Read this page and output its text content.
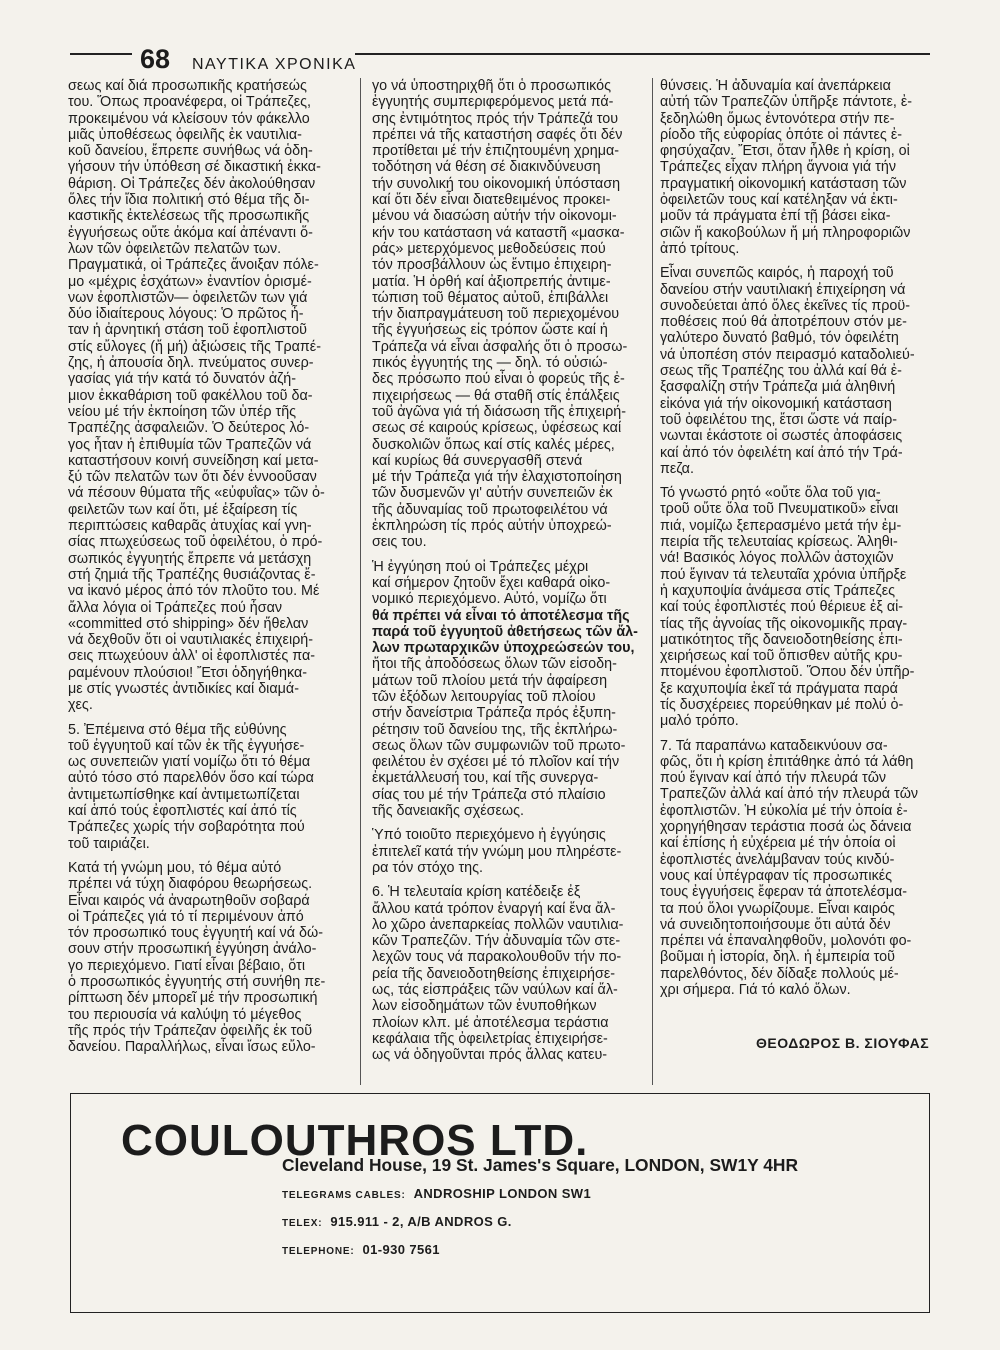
68 ΝΑΥΤΙΚΑ ΧΡΟΝΙΚΑ

σεως καί διά προσωπικῆς κρατήσεώς

του. Ὅπως προανέφερα, οἱ Τράπεζες,

προκειμένου νά κλείσουν τόν φάκελλο

μιᾶς ὑποθέσεως ὀφειλῆς ἐκ ναυτιλια-

κοῦ δανείου, ἔπρεπε συνήθως νά ὁδη-

γήσουν τήν ὑπόθεση σέ δικαστική ἐκκα-

θάριση. Οἱ Τράπεζες δέν ἀκολούθησαν

ὅλες τήν ἴδια πολιτική στό θέμα τῆς δι-

καστικῆς ἐκτελέσεως τῆς προσωπικῆς

ἐγγυήσεως οὔτε ἀκόμα καί ἀπέναντι ὅ-

λων τῶν ὀφειλετῶν πελατῶν των.

Πραγματικά, οἱ Τράπεζες ἄνοιξαν πόλε-

μο «μέχρις ἐσχάτων» ἐναντίον ὁρισμέ-

νων ἐφοπλιστῶν— ὀφειλετῶν των γιά

δύο ἰδιαίτερους λόγους: Ὁ πρῶτος ἦ-

ταν ἡ ἀρνητική στάση τοῦ ἐφοπλιστοῦ

στίς εὔλογες (ἤ μή) ἀξιώσεις τῆς Τραπέ-

ζης, ἡ ἀπουσία δηλ. πνεύματος συνερ-

γασίας γιά τήν κατά τό δυνατόν ἀζή-

μιον ἐκκαθάριση τοῦ φακέλλου τοῦ δα-

νείου μέ τήν ἐκποίηση τῶν ὑπέρ τῆς

Τραπέζης ἀσφαλειῶν. Ὁ δεύτερος λό-

γος ἦταν ἡ ἐπιθυμία τῶν Τραπεζῶν νά

καταστήσουν κοινή συνείδηση καί μετα-

ξύ τῶν πελατῶν των ὅτι δέν ἐννοοῦσαν

νά πέσουν θύματα τῆς «εὐφυΐας» τῶν ὀ-

φειλετῶν των καί ὅτι, μέ ἐξαίρεση τίς

περιπτώσεις καθαρᾶς ἀτυχίας καί γνη-

σίας πτωχεύσεως τοῦ ὀφειλέτου, ὁ πρό-

σωπικός ἐγγυητής ἔπρεπε νά μετάσχη

στή ζημιά τῆς Τραπέζης θυσιάζοντας ἔ-

να ἱκανό μέρος ἀπό τόν πλοῦτο του. Μέ

ἄλλα λόγια οἱ Τράπεζες πού ἦσαν

«committed στό shipping» δέν ἤθελαν

νά δεχθοῦν ὅτι οἱ ναυτιλιακές ἐπιχειρή-

σεις πτωχεύουν ἀλλ' οἱ ἐφοπλιστές πα-

ραμένουν πλούσιοι! Ἔτσι ὁδηγήθηκα-

με στίς γνωστές ἀντιδικίες καί διαμά-

χες.

5. Ἐπέμεινα στό θέμα τῆς εὐθύνης

τοῦ ἐγγυητοῦ καί τῶν ἐκ τῆς ἐγγυήσε-

ως συνεπειῶν γιατί νομίζω ὅτι τό θέμα

αὐτό τόσο στό παρελθόν ὅσο καί τώρα

ἀντιμετωπίσθηκε καί ἀντιμετωπίζεται

καί ἀπό τούς ἐφοπλιστές καί ἀπό τίς

Τράπεζες χωρίς τήν σοβαρότητα πού

τοῦ ταιριάζει.

Κατά τή γνώμη μου, τό θέμα αὐτό

πρέπει νά τύχη διαφόρου θεωρήσεως.

Εἶναι καιρός νά ἀναρωτηθοῦν σοβαρά

οἱ Τράπεζες γιά τό τί περιμένουν ἀπό

τόν προσωπικό τους ἐγγυητή καί νά δώ-

σουν στήν προσωπική ἐγγύηση ἀνάλο-

γο περιεχόμενο. Γιατί εἶναι βέβαιο, ὅτι

ὁ προσωπικός ἐγγυητής στή συνήθη πε-

ρίπτωση δέν μπορεῖ μέ τήν προσωπική

του περιουσία νά καλύψη τό μέγεθος

τῆς πρός τήν Τράπεζαν ὀφειλῆς ἐκ τοῦ

δανείου. Παραλλήλως, εἶναι ἴσως εὔλο-

γο νά ὑποστηριχθῆ ὅτι ὁ προσωπικός

ἐγγυητής συμπεριφερόμενος μετά πά-

σης ἐντιμότητος πρός τήν Τράπεζά του

πρέπει νά τῆς καταστήση σαφές ὅτι δέν

προτίθεται μέ τήν ἐπιζητουμένη χρημα-

τοδότηση νά θέση σέ διακινδύνευση

τήν συνολική του οἰκονομική ὑπόσταση

καί ὅτι δέν εἶναι διατεθειμένος προκει-

μένου νά διασώση αὐτήν τήν οἰκονομι-

κήν του κατάσταση νά καταστῆ «μασκα-

ράς» μετερχόμενος μεθοδεύσεις πού

τόν προσβάλλουν ὡς ἔντιμο ἐπιχειρη-

ματία. Ἡ ὀρθή καί ἀξιοπρεπής ἀντιμε-

τώπιση τοῦ θέματος αὐτοῦ, ἐπιβάλλει

τήν διαπραγμάτευση τοῦ περιεχομένου

τῆς ἐγγυήσεως εἰς τρόπον ὥστε καί ἡ

Τράπεζα νά εἶναι ἀσφαλής ὅτι ὁ προσω-

πικός ἐγγυητής της — δηλ. τό οὐσιώ-

δες πρόσωπο πού εἶναι ὁ φορεύς τῆς ἐ-

πιχειρήσεως — θά σταθῆ στίς ἐπάλξεις

τοῦ ἀγῶνα γιά τή διάσωση τῆς ἐπιχειρή-

σεως σέ καιρούς κρίσεως, ὑφέσεως καί

δυσκολιῶν ὅπως καί στίς καλές μέρες,

καί κυρίως θά συνεργασθῆ στενά

μέ τήν Τράπεζα γιά τήν ἐλαχιστοποίηση

τῶν δυσμενῶν γι' αὐτήν συνεπειῶν ἐκ

τῆς ἀδυναμίας τοῦ πρωτοφειλέτου νά

ἐκπληρώση τίς πρός αὐτήν ὑποχρεώ-

σεις του.

Ἡ ἐγγύηση πού οἱ Τράπεζες μέχρι

καί σήμερον ζητοῦν ἔχει καθαρά οἰκο-

νομικό περιεχόμενο. Αὐτό, νομίζω ὅτι

θά πρέπει νά εἶναι τό ἀποτέλεσμα τῆς

παρά τοῦ ἐγγυητοῦ ἀθετήσεως τῶν ἄλ-

λων πρωταρχικῶν ὑποχρεώσεών του,

ἤτοι τῆς ἀποδόσεως ὅλων τῶν εἰσοδη-

μάτων τοῦ πλοίου μετά τήν ἀφαίρεση

τῶν ἐξόδων λειτουργίας τοῦ πλοίου

στήν δανείστρια Τράπεζα πρός ἐξυπη-

ρέτησιν τοῦ δανείου της, τῆς ἐκπλήρω-

σεως ὅλων τῶν συμφωνιῶν τοῦ πρωτο-

φειλέτου ἐν σχέσει μέ τό πλοῖον καί τήν

ἐκμετάλλευσή του, καί τῆς συνεργα-

σίας του μέ τήν Τράπεζα στό πλαίσιο

τῆς δανειακῆς σχέσεως.

Ὑπό τοιοῦτο περιεχόμενο ἡ ἐγγύησις

ἐπιτελεῖ κατά τήν γνώμη μου πληρέστε-

ρα τόν στόχο της.

6. Ἡ τελευταία κρίση κατέδειξε ἐξ

ἄλλου κατά τρόπον ἐναργή καί ἕνα ἄλ-

λο χῶρο ἀνεπαρκείας πολλῶν ναυτιλια-

κῶν Τραπεζῶν. Τήν ἀδυναμία τῶν στε-

λεχῶν τους νά παρακολουθοῦν τήν πο-

ρεία τῆς δανειοδοτηθείσης ἐπιχειρήσε-

ως, τάς εἰσπράξεις τῶν ναύλων καί ἄλ-

λων εἰσοδημάτων τῶν ἐνυποθήκων

πλοίων κλπ. μέ ἀποτέλεσμα τεράστια

κεφάλαια τῆς ὀφειλετρίας ἐπιχειρήσε-

ως νά ὁδηγοῦνται πρός ἄλλας κατευ-

θύνσεις. Ἡ ἀδυναμία καί ἀνεπάρκεια

αὐτή τῶν Τραπεζῶν ὑπῆρξε πάντοτε, ἐ-

ξεδηλώθη ὅμως ἐντονότερα στήν πε-

ρίοδο τῆς εὐφορίας ὁπότε οἱ πάντες ἐ-

φησύχαζαν. Ἔτσι, ὅταν ἦλθε ἡ κρίση, οἱ

Τράπεζες εἶχαν πλήρη ἄγνοια γιά τήν

πραγματική οἰκονομική κατάσταση τῶν

ὀφειλετῶν τους καί κατέληξαν νά ἐκτι-

μοῦν τά πράγματα ἐπί τῇ βάσει εἰκα-

σιῶν ἤ κακοβούλων ἤ μή πληροφοριῶν

ἀπό τρίτους.

Εἶναι συνεπῶς καιρός, ἡ παροχή τοῦ

δανείου στήν ναυτιλιακή ἐπιχείρηση νά

συνοδεύεται ἀπό ὅλες ἐκεῖνες τίς προϋ-

ποθέσεις πού θά ἀποτρέπουν στόν με-

γαλύτερο δυνατό βαθμό, τόν ὀφειλέτη

νά ὑποπέση στόν πειρασμό καταδολιεύ-

σεως τῆς Τραπέζης του ἀλλά καί θά ἐ-

ξασφαλίζη στήν Τράπεζα μιά ἀληθινή

εἰκόνα γιά τήν οἰκονομική κατάσταση

τοῦ ὀφειλέτου της, ἔτσι ὥστε νά παίρ-

νωνται ἑκάστοτε οἱ σωστές ἀποφάσεις

καί ἀπό τόν ὀφειλέτη καί ἀπό τήν Τρά-

πεζα.

Τό γνωστό ρητό «οὔτε ὅλα τοῦ για-

τροῦ οὔτε ὅλα τοῦ Πνευματικοῦ» εἶναι

πιά, νομίζω ξεπερασμένο μετά τήν ἐμ-

πειρία τῆς τελευταίας κρίσεως. Ἀληθι-

νά! Βασικός λόγος πολλῶν ἀστοχιῶν

πού ἔγιναν τά τελευταῖα χρόνια ὑπῆρξε

ἡ καχυποψία ἀνάμεσα στίς Τράπεζες

καί τούς ἐφοπλιστές πού θέριευε ἐξ αἰ-

τίας τῆς ἀγνοίας τῆς οἰκονομικῆς πραγ-

ματικότητος τῆς δανειοδοτηθείσης ἐπι-

χειρήσεως καί τοῦ ὄπισθεν αὐτῆς κρυ-

πτομένου ἐφοπλιστοῦ. Ὅπου δέν ὑπῆρ-

ξε καχυποψία ἐκεῖ τά πράγματα παρά

τίς δυσχέρειες πορεύθηκαν μέ πολύ ὁ-

μαλό τρόπο.

7. Τά παραπάνω καταδεικνύουν σα-

φῶς, ὅτι ἡ κρίση ἐπιτάθηκε ἀπό τά λάθη

πού ἔγιναν καί ἀπό τήν πλευρά τῶν

Τραπεζῶν ἀλλά καί ἀπό τήν πλευρά τῶν

ἐφοπλιστῶν. Ἡ εὐκολία μέ τήν ὁποία ἐ-

χορηγήθησαν τεράστια ποσά ὡς δάνεια

καί ἐπίσης ἡ εὐχέρεια μέ τήν ὁποία οἱ

ἐφοπλιστές ἀνελάμβαναν τούς κινδύ-

νους καί ὑπέγραφαν τίς προσωπικές

τους ἐγγυήσεις ἔφεραν τά ἀποτελέσμα-

τα πού ὅλοι γνωρίζουμε. Εἶναι καιρός

νά συνειδητοποιήσουμε ὅτι αὐτά δέν

πρέπει νά ἐπαναληφθοῦν, μολονότι φο-

βοῦμαι ἡ ἱστορία, δηλ. ἡ ἐμπειρία τοῦ

παρελθόντος, δέν δίδαξε πολλούς μέ-

χρι σήμερα. Γιά τό καλό ὅλων.

ΘΕΟΔΩΡΟΣ Β. ΣΙΟΥΦΑΣ
COULOUTHROS LTD.
Cleveland House, 19 St. James's Square, LONDON, SW1Y 4HR
TELEGRAMS CABLES: ANDROSHIP LONDON SW1
TELEX: 915.911 - 2, A/B ANDROS G.
TELEPHONE: 01-930 7561
